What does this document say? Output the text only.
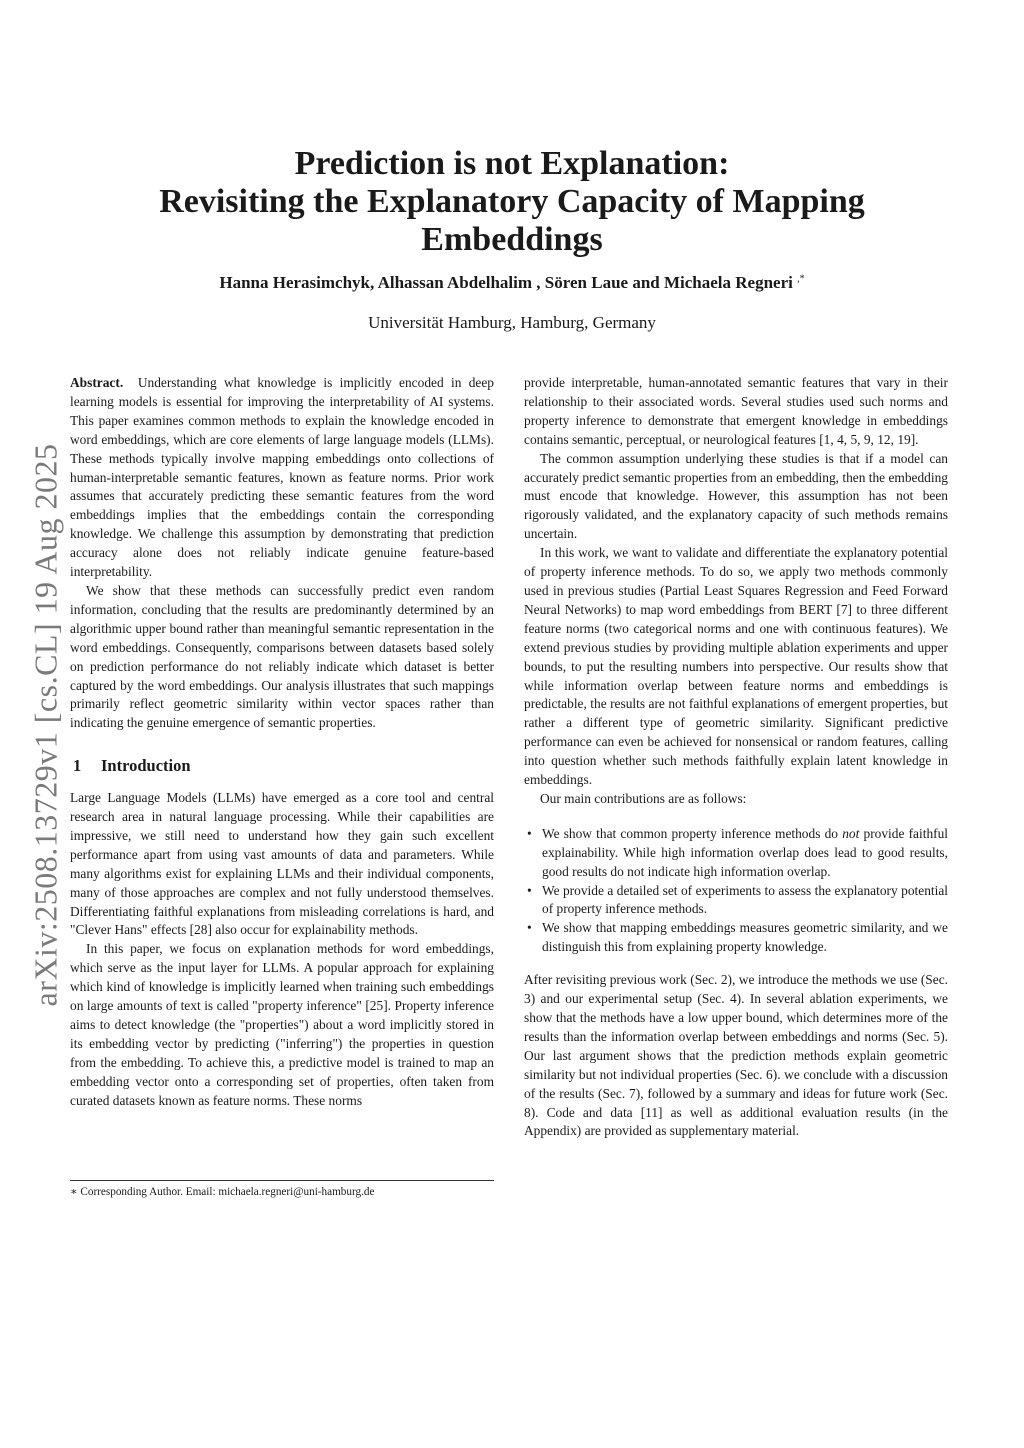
Prediction is not Explanation:
Revisiting the Explanatory Capacity of Mapping
Embeddings
Hanna Herasimchyk, Alhassan Abdelhalim , Sören Laue and Michaela Regneri ,*
Universität Hamburg, Hamburg, Germany
arXiv:2508.13729v1 [cs.CL] 19 Aug 2025

Abstract. Understanding what knowledge is implicitly encoded in deep learning models is essential for improving the interpretability of AI systems. This paper examines common methods to explain the knowledge encoded in word embeddings, which are core elements of large language models (LLMs). These methods typically involve mapping embeddings onto collections of human-interpretable semantic features, known as feature norms. Prior work assumes that accurately predicting these semantic features from the word embeddings implies that the embeddings contain the corresponding knowledge. We challenge this assumption by demonstrating that prediction accuracy alone does not reliably indicate genuine feature-based interpretability.

We show that these methods can successfully predict even random information, concluding that the results are predominantly determined by an algorithmic upper bound rather than meaningful semantic representation in the word embeddings. Consequently, comparisons between datasets based solely on prediction performance do not reliably indicate which dataset is better captured by the word embeddings. Our analysis illustrates that such mappings primarily reflect geometric similarity within vector spaces rather than indicating the genuine emergence of semantic properties.

1 Introduction

Large Language Models (LLMs) have emerged as a core tool and central research area in natural language processing. While their capabilities are impressive, we still need to understand how they gain such excellent performance apart from using vast amounts of data and parameters. While many algorithms exist for explaining LLMs and their individual components, many of those approaches are complex and not fully understood themselves. Differentiating faithful explanations from misleading correlations is hard, and "Clever Hans" effects [28] also occur for explainability methods.

In this paper, we focus on explanation methods for word embeddings, which serve as the input layer for LLMs. A popular approach for explaining which kind of knowledge is implicitly learned when training such embeddings on large amounts of text is called "property inference" [25]. Property inference aims to detect knowledge (the "properties") about a word implicitly stored in its embedding vector by predicting ("inferring") the properties in question from the embedding. To achieve this, a predictive model is trained to map an embedding vector onto a corresponding set of properties, often taken from curated datasets known as feature norms. These norms

∗ Corresponding Author. Email: michaela.regneri@uni-hamburg.de

provide interpretable, human-annotated semantic features that vary in their relationship to their associated words. Several studies used such norms and property inference to demonstrate that emergent knowledge in embeddings contains semantic, perceptual, or neurological features [1, 4, 5, 9, 12, 19].

The common assumption underlying these studies is that if a model can accurately predict semantic properties from an embedding, then the embedding must encode that knowledge. However, this assumption has not been rigorously validated, and the explanatory capacity of such methods remains uncertain.

In this work, we want to validate and differentiate the explanatory potential of property inference methods. To do so, we apply two methods commonly used in previous studies (Partial Least Squares Regression and Feed Forward Neural Networks) to map word embeddings from BERT [7] to three different feature norms (two categorical norms and one with continuous features). We extend previous studies by providing multiple ablation experiments and upper bounds, to put the resulting numbers into perspective. Our results show that while information overlap between feature norms and embeddings is predictable, the results are not faithful explanations of emergent properties, but rather a different type of geometric similarity. Significant predictive performance can even be achieved for nonsensical or random features, calling into question whether such methods faithfully explain latent knowledge in embeddings.

Our main contributions are as follows:

• We show that common property inference methods do not provide faithful explainability. While high information overlap does lead to good results, good results do not indicate high information overlap.
• We provide a detailed set of experiments to assess the explanatory potential of property inference methods.
• We show that mapping embeddings measures geometric similarity, and we distinguish this from explaining property knowledge.

After revisiting previous work (Sec. 2), we introduce the methods we use (Sec. 3) and our experimental setup (Sec. 4). In several ablation experiments, we show that the methods have a low upper bound, which determines more of the results than the information overlap between embeddings and norms (Sec. 5). Our last argument shows that the prediction methods explain geometric similarity but not individual properties (Sec. 6). we conclude with a discussion of the results (Sec. 7), followed by a summary and ideas for future work (Sec. 8). Code and data [11] as well as additional evaluation results (in the Appendix) are provided as supplementary material.
